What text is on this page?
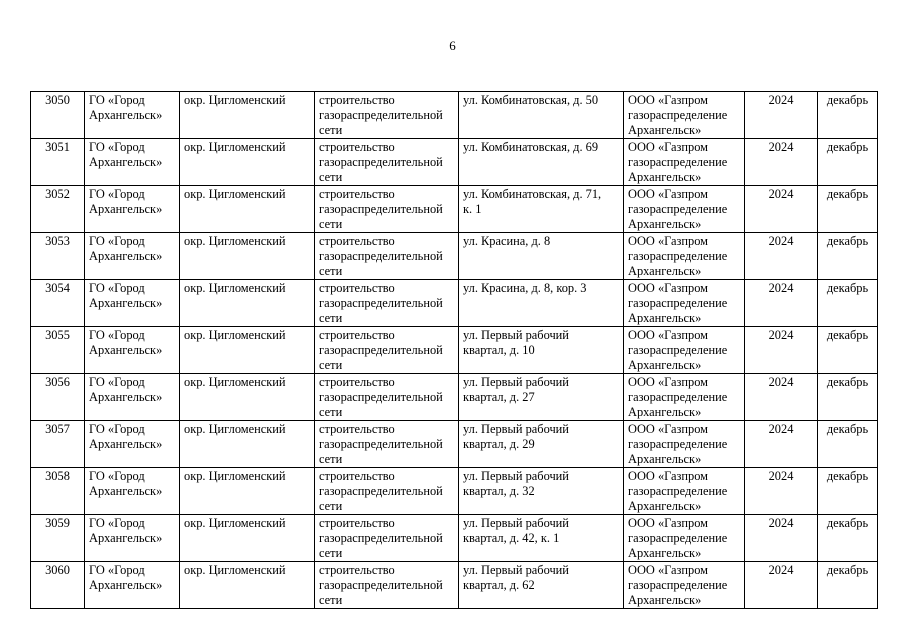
6
3050	ГО «Город
Архангельск»	окр. Цигломенский	строительство
газораспределительной
сети	ул. Комбинатовская, д. 50	ООО «Газпром
газораспределение
Архангельск»	2024	декабрь
3051	ГО «Город
Архангельск»	окр. Цигломенский	строительство
газораспределительной
сети	ул. Комбинатовская, д. 69	ООО «Газпром
газораспределение
Архангельск»	2024	декабрь
3052	ГО «Город
Архангельск»	окр. Цигломенский	строительство
газораспределительной
сети	ул. Комбинатовская, д. 71,
к. 1	ООО «Газпром
газораспределение
Архангельск»	2024	декабрь
3053	ГО «Город
Архангельск»	окр. Цигломенский	строительство
газораспределительной
сети	ул. Красина, д. 8	ООО «Газпром
газораспределение
Архангельск»	2024	декабрь
3054	ГО «Город
Архангельск»	окр. Цигломенский	строительство
газораспределительной
сети	ул. Красина, д. 8, кор. 3	ООО «Газпром
газораспределение
Архангельск»	2024	декабрь
3055	ГО «Город
Архангельск»	окр. Цигломенский	строительство
газораспределительной
сети	ул. Первый рабочий
квартал, д. 10	ООО «Газпром
газораспределение
Архангельск»	2024	декабрь
3056	ГО «Город
Архангельск»	окр. Цигломенский	строительство
газораспределительной
сети	ул. Первый рабочий
квартал, д. 27	ООО «Газпром
газораспределение
Архангельск»	2024	декабрь
3057	ГО «Город
Архангельск»	окр. Цигломенский	строительство
газораспределительной
сети	ул. Первый рабочий
квартал, д. 29	ООО «Газпром
газораспределение
Архангельск»	2024	декабрь
3058	ГО «Город
Архангельск»	окр. Цигломенский	строительство
газораспределительной
сети	ул. Первый рабочий
квартал, д. 32	ООО «Газпром
газораспределение
Архангельск»	2024	декабрь
3059	ГО «Город
Архангельск»	окр. Цигломенский	строительство
газораспределительной
сети	ул. Первый рабочий
квартал, д. 42, к. 1	ООО «Газпром
газораспределение
Архангельск»	2024	декабрь
3060	ГО «Город
Архангельск»	окр. Цигломенский	строительство
газораспределительной
сети	ул. Первый рабочий
квартал, д. 62	ООО «Газпром
газораспределение
Архангельск»	2024	декабрь
